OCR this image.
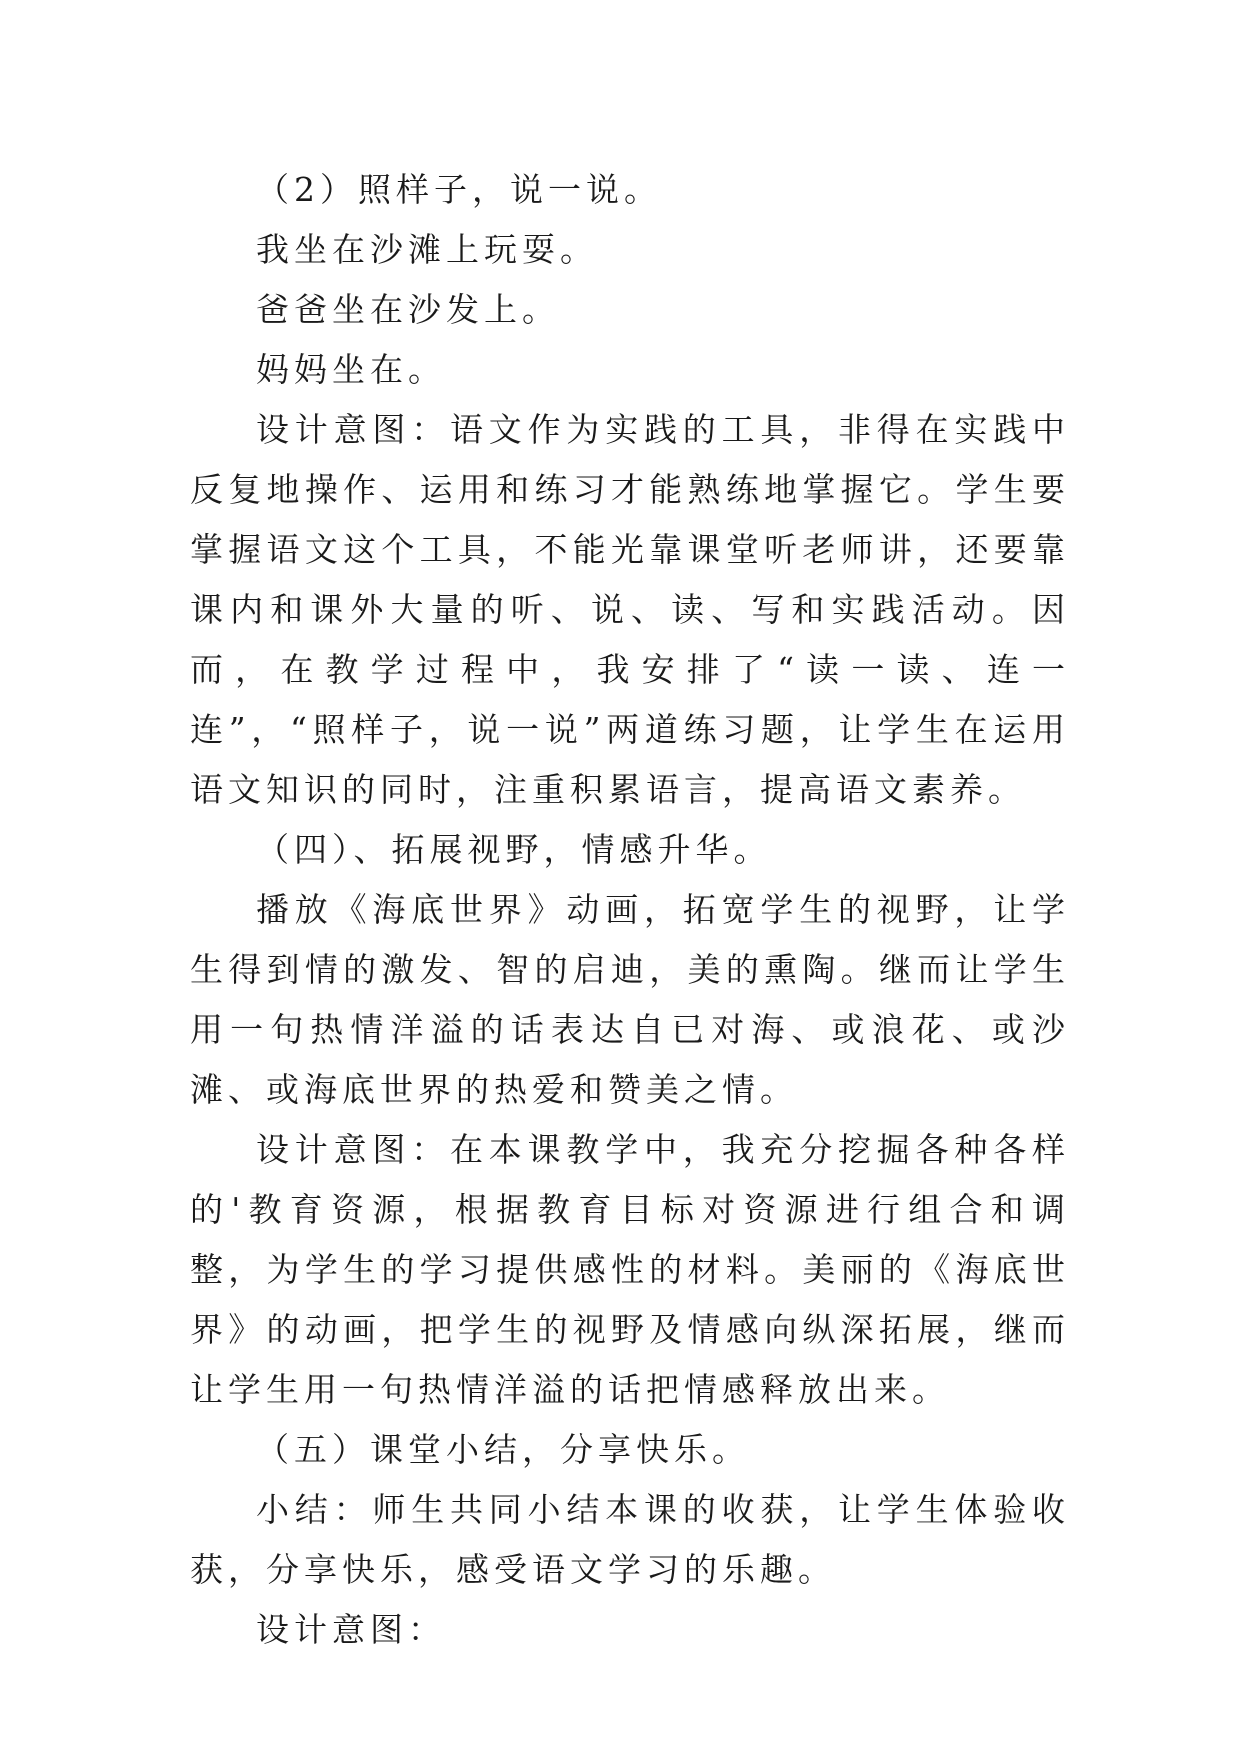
（2）照样子，说一说。

我坐在沙滩上玩耍。

爸爸坐在沙发上。

妈妈坐在。

设计意图：语文作为实践的工具，非得在实践中反复地操作、运用和练习才能熟练地掌握它。学生要掌握语文这个工具，不能光靠课堂听老师讲，还要靠课内和课外大量的听、说、读、写和实践活动。因而，在教学过程中，我安排了“读一读、连一连”，“照样子，说一说”两道练习题，让学生在运用语文知识的同时，注重积累语言，提高语文素养。

（四）、拓展视野，情感升华。

播放《海底世界》动画，拓宽学生的视野，让学生得到情的激发、智的启迪，美的熏陶。继而让学生用一句热情洋溢的话表达自已对海、或浪花、或沙滩、或海底世界的热爱和赞美之情。

设计意图：在本课教学中，我充分挖掘各种各样的'教育资源，根据教育目标对资源进行组合和调整，为学生的学习提供感性的材料。美丽的《海底世界》的动画，把学生的视野及情感向纵深拓展，继而让学生用一句热情洋溢的话把情感释放出来。

（五）课堂小结，分享快乐。

小结：师生共同小结本课的收获，让学生体验收获，分享快乐，感受语文学习的乐趣。

设计意图：
